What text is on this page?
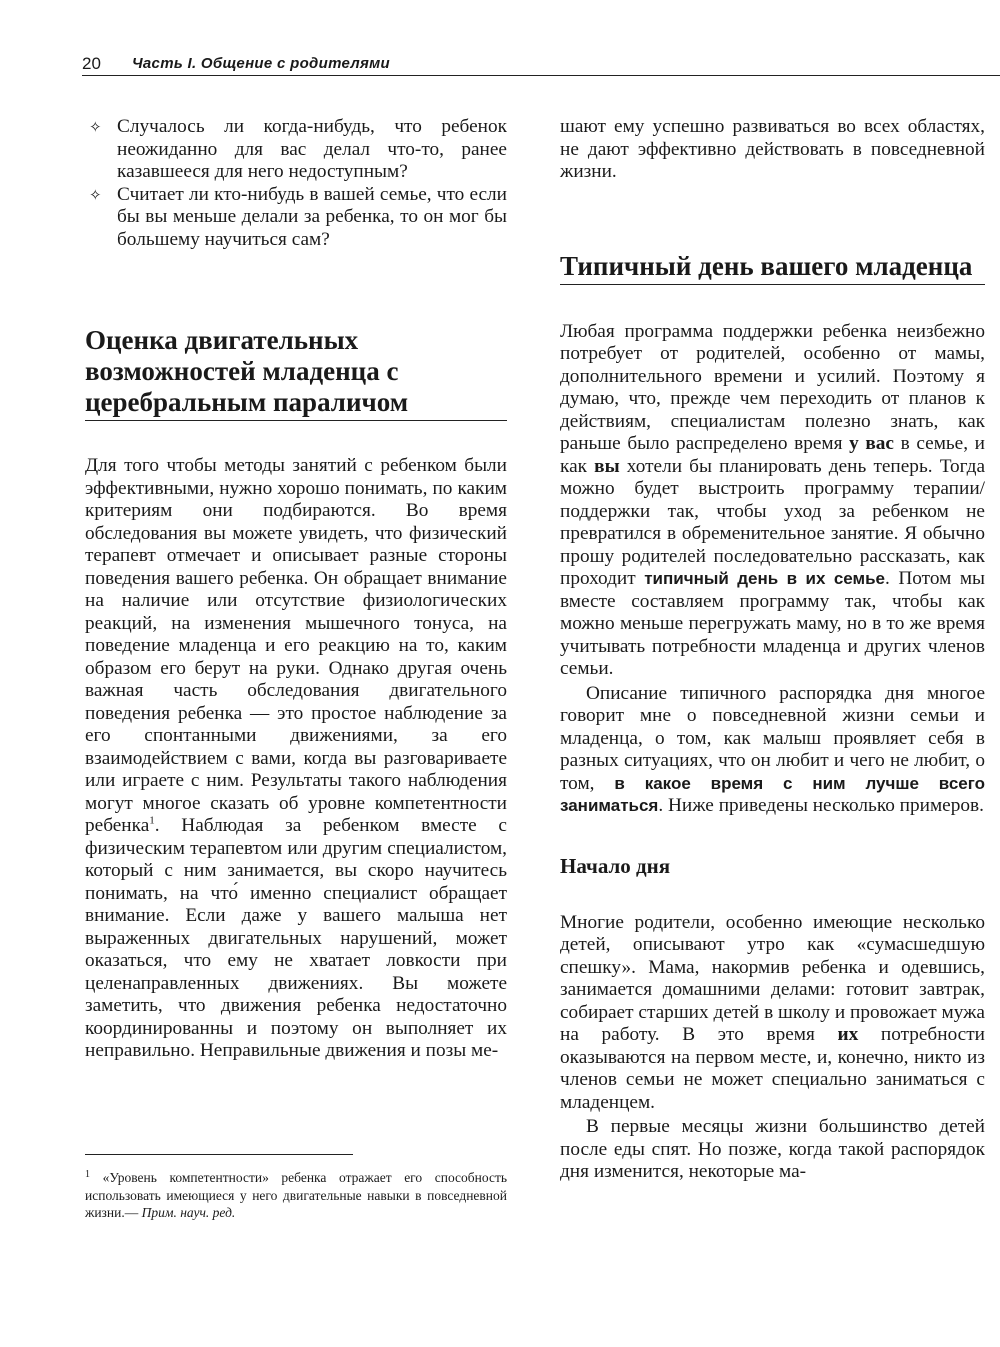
20 Часть I. Общение с родителями
✧ Случалось ли когда-нибудь, что ребенок неожиданно для вас делал что-то, ранее казавшееся для него недоступным?
✧ Считает ли кто-нибудь в вашей семье, что если бы вы меньше делали за ребенка, то он мог бы большему научиться сам?
Оценка двигательных возможностей младенца с церебральным параличом

Для того чтобы методы занятий с ребенком были эффективными, нужно хорошо понимать, по каким критериям они подбираются. Во время обследования вы можете увидеть, что физический терапевт отмечает и описывает разные стороны поведения вашего ребенка. Он обращает внимание на наличие или отсутствие физиологических реакций, на изменения мышечного тонуса, на поведение младенца и его реакцию на то, каким образом его берут на руки. Однако другая очень важная часть обследования двигательного поведения ребенка — это простое наблюдение за его спонтанными движениями, за его взаимодействием с вами, когда вы разговариваете или играете с ним. Результаты такого наблюдения могут многое сказать об уровне компетентности ребенка$^1$. Наблюдая за ребенком вместе с физическим терапевтом или другим специалистом, который с ним занимается, вы скоро научитесь понимать, на что́ именно специалист обращает внимание. Если даже у вашего малыша нет выраженных двигательных нарушений, может оказаться, что ему не хватает ловкости при целенаправленных движениях. Вы можете заметить, что движения ребенка недостаточно координированны и поэтому он выполняет их неправильно. Неправильные движения и позы ме-

$^1$ «Уровень компетентности» ребенка отражает его способность использовать имеющиеся у него двигательные навыки в повседневной жизни.— Прим. науч. ред.

шают ему успешно развиваться во всех областях, не дают эффективно действовать в повседневной жизни.

Типичный день вашего младенца

Любая программа поддержки ребенка неизбежно потребует от родителей, особенно от мамы, дополнительного времени и усилий. Поэтому я думаю, что, прежде чем переходить от планов к действиям, специалистам полезно знать, как раньше было распределено время у вас в семье, и как вы хотели бы планировать день теперь. Тогда можно будет выстроить программу терапии/поддержки так, чтобы уход за ребенком не превратился в обременительное занятие. Я обычно прошу родителей последовательно рассказать, как проходит типичный день в их семье. Потом мы вместе составляем программу так, чтобы как можно меньше перегружать маму, но в то же время учитывать потребности младенца и других членов семьи.

Описание типичного распорядка дня многое говорит мне о повседневной жизни семьи и младенца, о том, как малыш проявляет себя в разных ситуациях, что он любит и чего не любит, о том, в какое время с ним лучше всего заниматься. Ниже приведены несколько примеров.

Начало дня

Многие родители, особенно имеющие несколько детей, описывают утро как «сумасшедшую спешку». Мама, накормив ребенка и одевшись, занимается домашними делами: готовит завтрак, собирает старших детей в школу и провожает мужа на работу. В это время их потребности оказываются на первом месте, и, конечно, никто из членов семьи не может специально заниматься с младенцем.

В первые месяцы жизни большинство детей после еды спят. Но позже, когда такой распорядок дня изменится, некоторые ма-
